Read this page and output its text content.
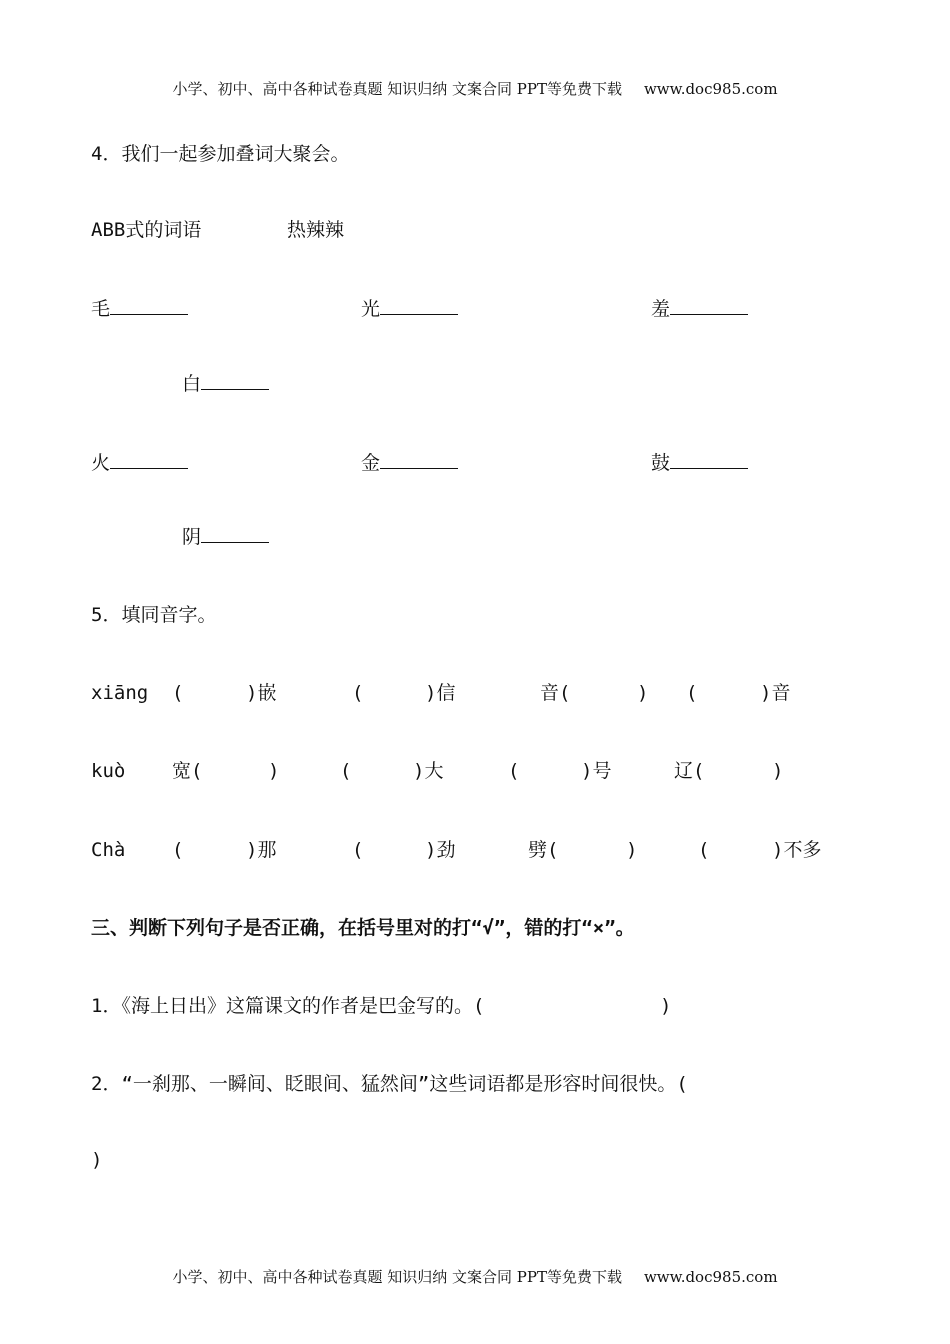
小学、初中、高中各种试卷真题 知识归纳 文案合同 PPT等免费下载 www.doc985.com
4．我们一起参加叠词大聚会。
ABB式的词语	热辣辣
毛	光	羞
白
火	金	鼓
阴
5．填同音字。
xiāng (	)嵌	(	)信	音(	) (	)音
kuò 宽(	)	(	)大	(	)号	辽(	)
Chà (	)那	(	)劲	劈(	)	(	)不多
三、判断下列句子是否正确，在括号里对的打“√”，错的打“×”。
1．《海上日出》这篇课文的作者是巴金写的。(	)
2．“一刹那、一瞬间、眨眼间、猛然间”这些词语都是形容时间很快。(
)
小学、初中、高中各种试卷真题 知识归纳 文案合同 PPT等免费下载 www.doc985.com
